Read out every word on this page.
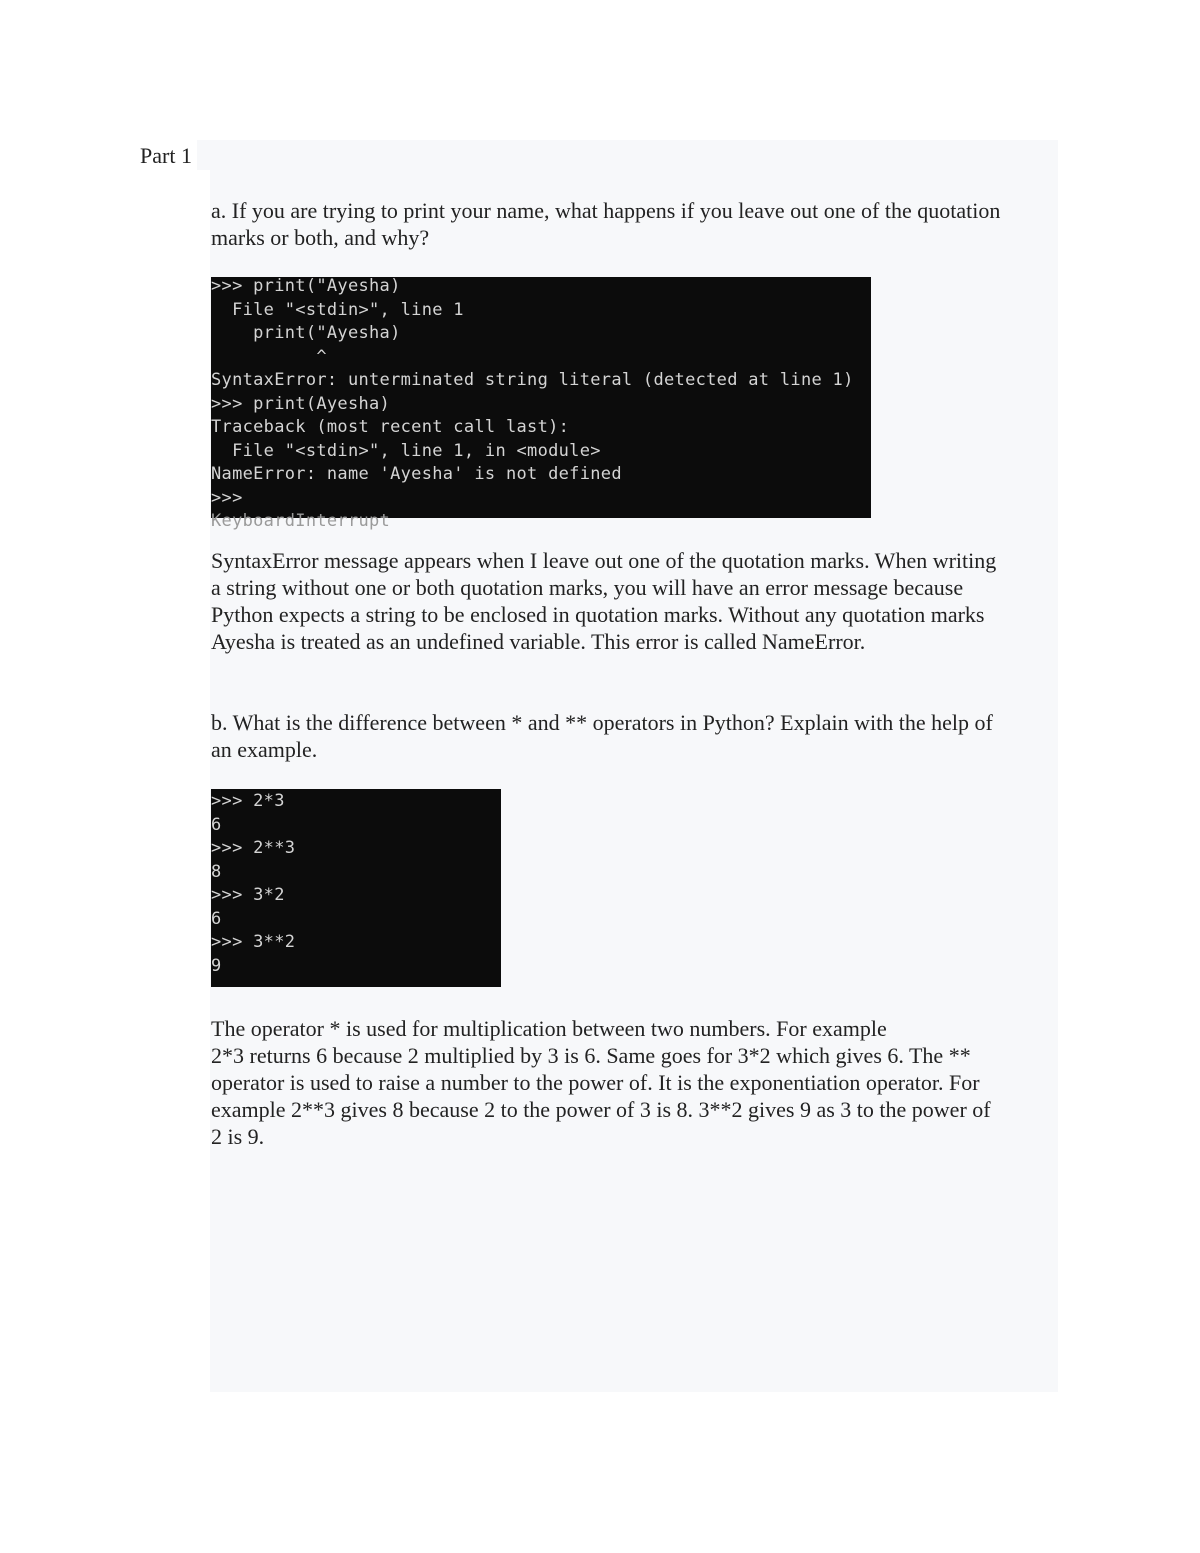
Part 1
a. If you are trying to print your name, what happens if you leave out one of the quotation
marks or both, and why?
>>> print("Ayesha)
File "<stdin>", line 1
print("Ayesha)
^
SyntaxError: unterminated string literal (detected at line 1)
>>> print(Ayesha)
Traceback (most recent call last):
File "<stdin>", line 1, in <module>
NameError: name 'Ayesha' is not defined
>>>
KeyboardInterrupt
SyntaxError message appears when I leave out one of the quotation marks. When writing
a string without one or both quotation marks, you will have an error message because
Python expects a string to be enclosed in quotation marks. Without any quotation marks
Ayesha is treated as an undefined variable. This error is called NameError.
b. What is the difference between * and ** operators in Python? Explain with the help of
an example.
>>> 2*3
6
>>> 2**3
8
>>> 3*2
6
>>> 3**2
9
The operator * is used for multiplication between two numbers. For example
2*3 returns 6 because 2 multiplied by 3 is 6. Same goes for 3*2 which gives 6. The **
operator is used to raise a number to the power of. It is the exponentiation operator. For
example 2**3 gives 8 because 2 to the power of 3 is 8. 3**2 gives 9 as 3 to the power of
2 is 9.
